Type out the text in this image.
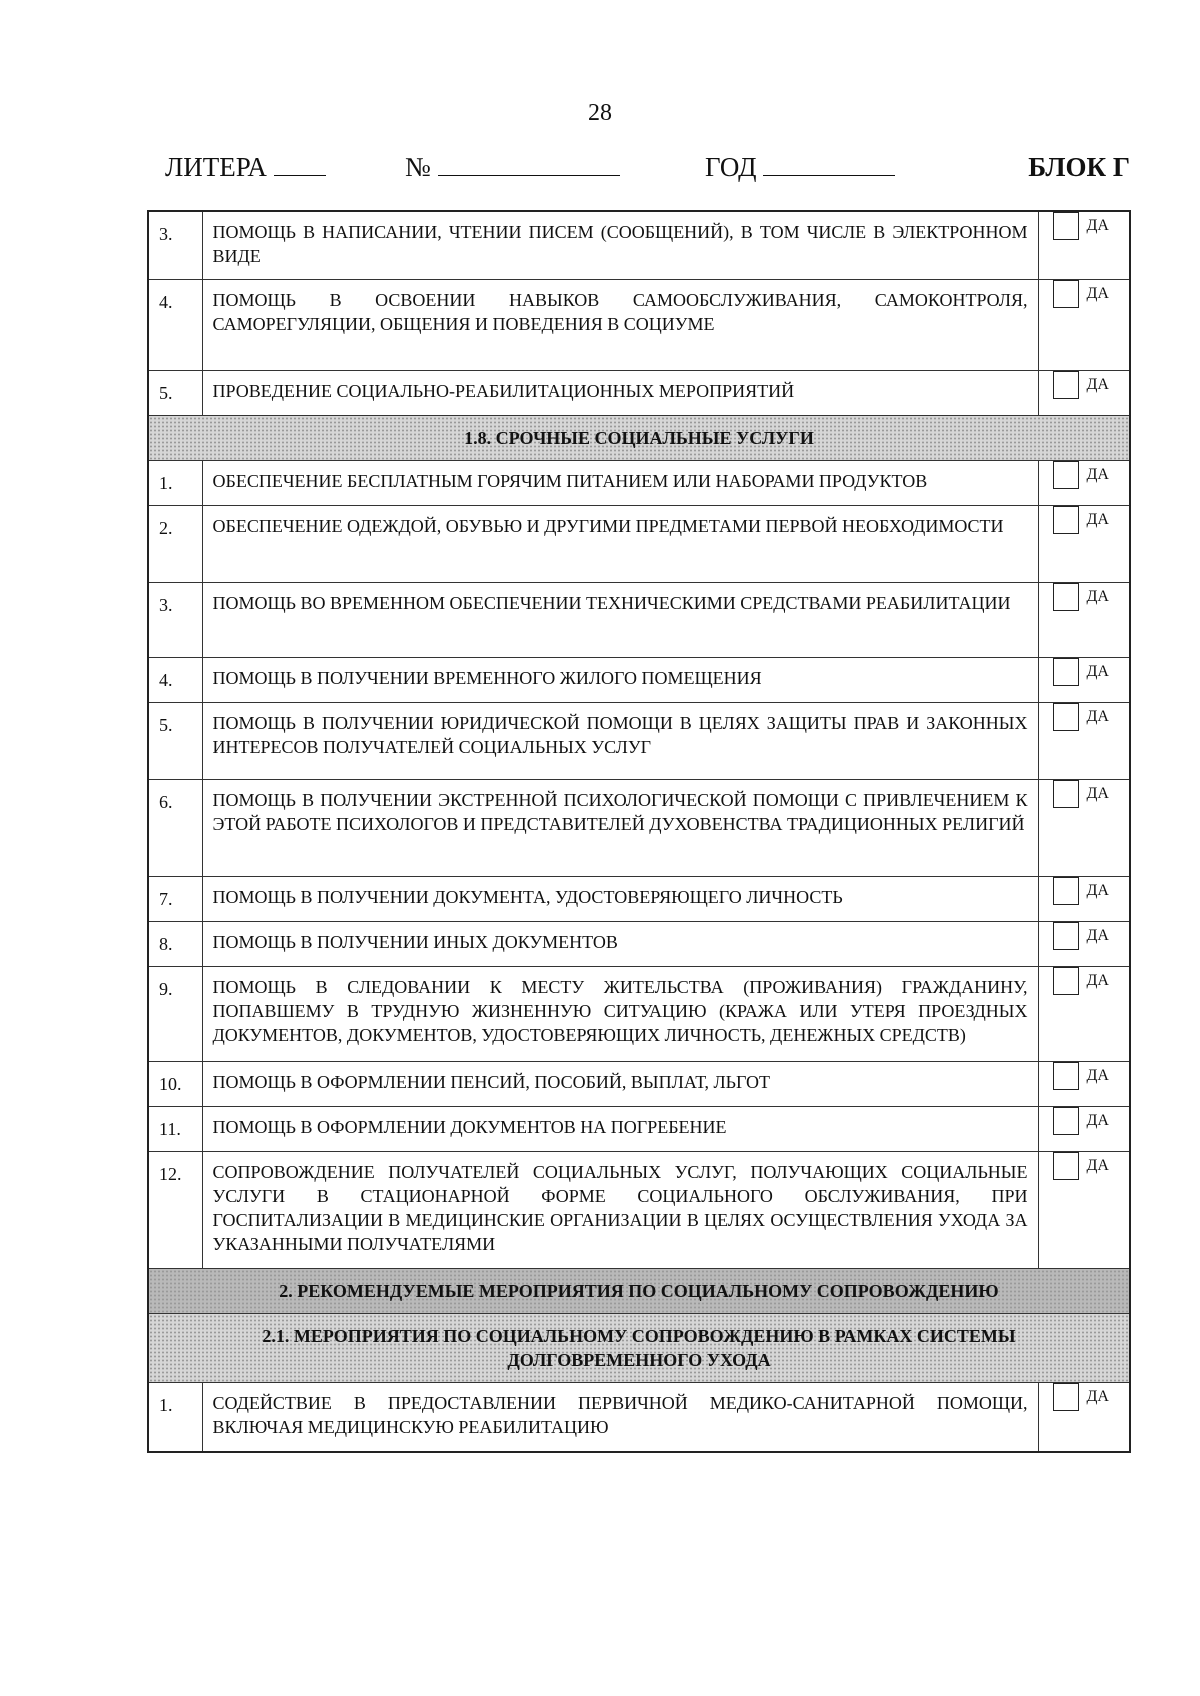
28
ЛИТЕРА	№	ГОД	БЛОК Г
3.	ПОМОЩЬ В НАПИСАНИИ, ЧТЕНИИ ПИСЕМ (СООБЩЕНИЙ), В ТОМ ЧИСЛЕ В ЭЛЕКТРОННОМ ВИДЕ	ДА

4.	ПОМОЩЬ В ОСВОЕНИИ НАВЫКОВ САМООБСЛУЖИВАНИЯ, САМОКОНТРОЛЯ, САМОРЕГУЛЯЦИИ, ОБЩЕНИЯ И ПОВЕДЕНИЯ В СОЦИУМЕ	ДА

5.	ПРОВЕДЕНИЕ СОЦИАЛЬНО-РЕАБИЛИТАЦИОННЫХ МЕРОПРИЯТИЙ	ДА

1.8. СРОЧНЫЕ СОЦИАЛЬНЫЕ УСЛУГИ		
1.	ОБЕСПЕЧЕНИЕ БЕСПЛАТНЫМ ГОРЯЧИМ ПИТАНИЕМ ИЛИ НАБОРАМИ ПРОДУКТОВ	ДА

2.	ОБЕСПЕЧЕНИЕ ОДЕЖДОЙ, ОБУВЬЮ И ДРУГИМИ ПРЕДМЕТАМИ ПЕРВОЙ НЕОБХОДИМОСТИ	ДА

3.	ПОМОЩЬ ВО ВРЕМЕННОМ ОБЕСПЕЧЕНИИ ТЕХНИЧЕСКИМИ СРЕДСТВАМИ РЕАБИЛИТАЦИИ	ДА

4.	ПОМОЩЬ В ПОЛУЧЕНИИ ВРЕМЕННОГО ЖИЛОГО ПОМЕЩЕНИЯ	ДА

5.	ПОМОЩЬ В ПОЛУЧЕНИИ ЮРИДИЧЕСКОЙ ПОМОЩИ В ЦЕЛЯХ ЗАЩИТЫ ПРАВ И ЗАКОННЫХ ИНТЕРЕСОВ ПОЛУЧАТЕЛЕЙ СОЦИАЛЬНЫХ УСЛУГ	ДА

6.	ПОМОЩЬ В ПОЛУЧЕНИИ ЭКСТРЕННОЙ ПСИХОЛОГИЧЕСКОЙ ПОМОЩИ С ПРИВЛЕЧЕНИЕМ К ЭТОЙ РАБОТЕ ПСИХОЛОГОВ И ПРЕДСТАВИТЕЛЕЙ ДУХОВЕНСТВА ТРАДИЦИОННЫХ РЕЛИГИЙ	ДА

7.	ПОМОЩЬ В ПОЛУЧЕНИИ ДОКУМЕНТА, УДОСТОВЕРЯЮЩЕГО ЛИЧНОСТЬ	ДА

8.	ПОМОЩЬ В ПОЛУЧЕНИИ ИНЫХ ДОКУМЕНТОВ	ДА

9.	ПОМОЩЬ В СЛЕДОВАНИИ К МЕСТУ ЖИТЕЛЬСТВА (ПРОЖИВАНИЯ) ГРАЖДАНИНУ, ПОПАВШЕМУ В ТРУДНУЮ ЖИЗНЕННУЮ СИТУАЦИЮ (КРАЖА ИЛИ УТЕРЯ ПРОЕЗДНЫХ ДОКУМЕНТОВ, ДОКУМЕНТОВ, УДОСТОВЕРЯЮЩИХ ЛИЧНОСТЬ, ДЕНЕЖНЫХ СРЕДСТВ)	ДА

10.	ПОМОЩЬ В ОФОРМЛЕНИИ ПЕНСИЙ, ПОСОБИЙ, ВЫПЛАТ, ЛЬГОТ	ДА

11.	ПОМОЩЬ В ОФОРМЛЕНИИ ДОКУМЕНТОВ НА ПОГРЕБЕНИЕ	ДА

12.	СОПРОВОЖДЕНИЕ ПОЛУЧАТЕЛЕЙ СОЦИАЛЬНЫХ УСЛУГ, ПОЛУЧАЮЩИХ СОЦИАЛЬНЫЕ УСЛУГИ В СТАЦИОНАРНОЙ ФОРМЕ СОЦИАЛЬНОГО ОБСЛУЖИВАНИЯ, ПРИ ГОСПИТАЛИЗАЦИИ В МЕДИЦИНСКИЕ ОРГАНИЗАЦИИ В ЦЕЛЯХ ОСУЩЕСТВЛЕНИЯ УХОДА ЗА УКАЗАННЫМИ ПОЛУЧАТЕЛЯМИ	ДА

2. РЕКОМЕНДУЕМЫЕ МЕРОПРИЯТИЯ ПО СОЦИАЛЬНОМУ СОПРОВОЖДЕНИЮ		
2.1. МЕРОПРИЯТИЯ ПО СОЦИАЛЬНОМУ СОПРОВОЖДЕНИЮ В РАМКАХ СИСТЕМЫ ДОЛГОВРЕМЕННОГО УХОДА		
1.	СОДЕЙСТВИЕ В ПРЕДОСТАВЛЕНИИ ПЕРВИЧНОЙ МЕДИКО-САНИТАРНОЙ ПОМОЩИ, ВКЛЮЧАЯ МЕДИЦИНСКУЮ РЕАБИЛИТАЦИЮ	ДА
